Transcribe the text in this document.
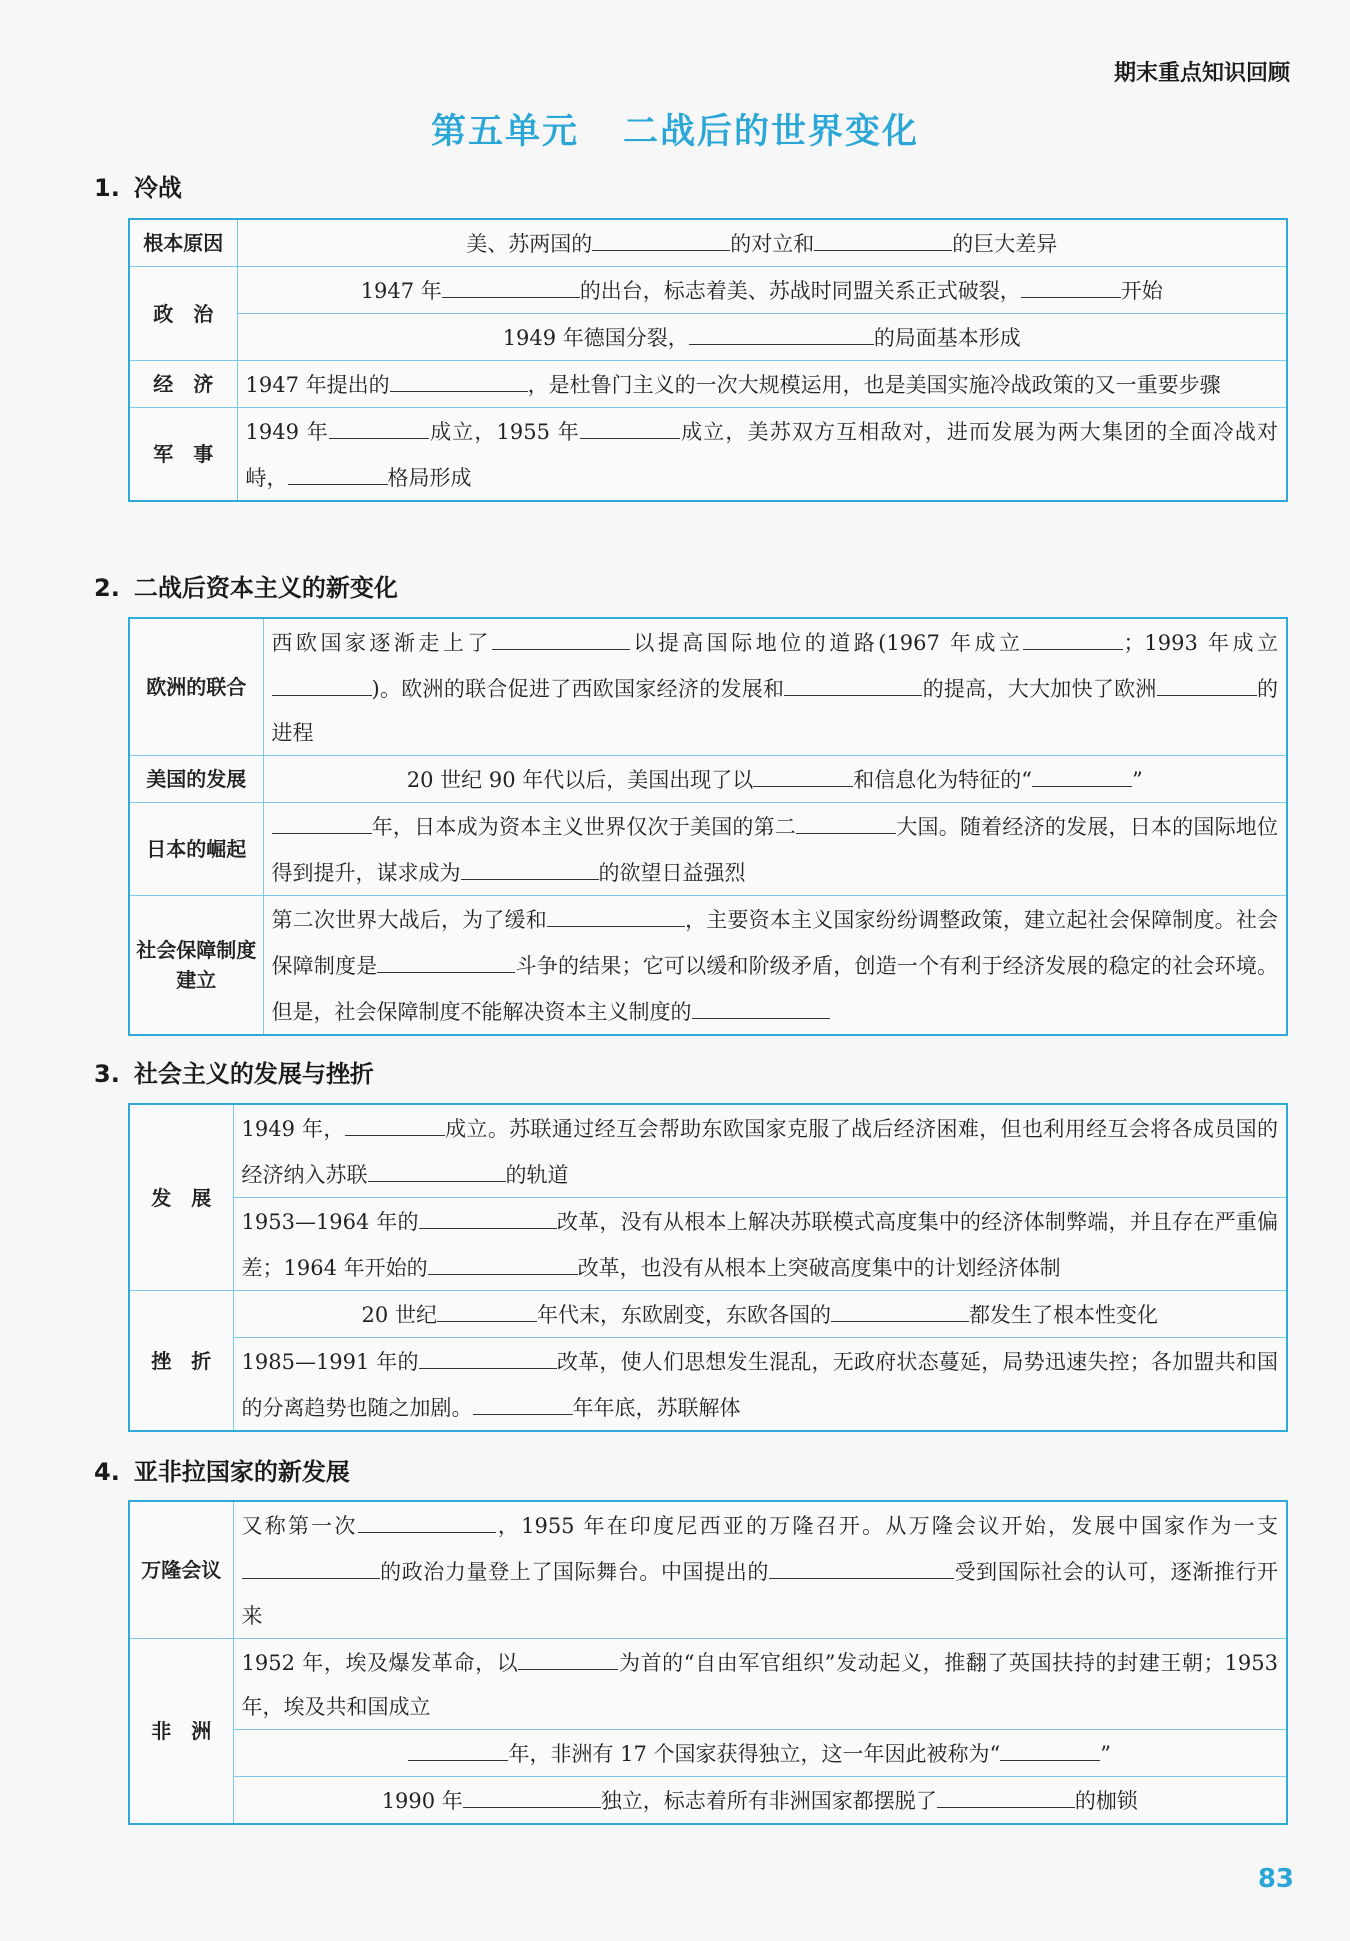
期末重点知识回顾
第五单元 二战后的世界变化
1. 冷战
根本原因	美、苏两国的 的对立和 的巨大差异
政　治	1947 年 的出台，标志着美、苏战时同盟关系正式破裂， 开始
	1949 年德国分裂， 的局面基本形成
经　济	1947 年提出的 ，是杜鲁门主义的一次大规模运用，也是美国实施冷战政策的又一重要步骤
军　事	1949 年 成立，1955 年 成立，美苏双方互相敌对，进而发展为两大集团的全面冷战对峙， 格局形成
2. 二战后资本主义的新变化
欧洲的联合	西欧国家逐渐走上了 以提高国际地位的道路(1967 年成立 ；1993 年成立)。欧洲的联合促进了西欧国家经济的发展和 的提高，大大加快了欧洲 的进程
美国的发展	20 世纪 90 年代以后，美国出现了以 和信息化为特征的“ ”
日本的崛起	年，日本成为资本主义世界仅次于美国的第二 大国。随着经济的发展，日本的国际地位得到提升，谋求成为 的欲望日益强烈
社会保障制度建立	第二次世界大战后，为了缓和 ，主要资本主义国家纷纷调整政策，建立起社会保障制度。社会保障制度是 斗争的结果；它可以缓和阶级矛盾，创造一个有利于经济发展的稳定的社会环境。但是，社会保障制度不能解决资本主义制度的
3. 社会主义的发展与挫折
发　展	1949 年， 成立。苏联通过经互会帮助东欧国家克服了战后经济困难，但也利用经互会将各成员国的经济纳入苏联 的轨道
	1953—1964 年的 改革，没有从根本上解决苏联模式高度集中的经济体制弊端，并且存在严重偏差；1964 年开始的 改革，也没有从根本上突破高度集中的计划经济体制
挫　折	20 世纪 年代末，东欧剧变，东欧各国的 都发生了根本性变化
	1985—1991 年的 改革，使人们思想发生混乱，无政府状态蔓延，局势迅速失控；各加盟共和国的分离趋势也随之加剧。 年年底，苏联解体
4. 亚非拉国家的新发展
万隆会议	又称第一次 ，1955 年在印度尼西亚的万隆召开。从万隆会议开始，发展中国家作为一支的政治力量登上了国际舞台。中国提出的 受到国际社会的认可，逐渐推行开来
非　洲	1952 年，埃及爆发革命，以 为首的“自由军官组织”发动起义，推翻了英国扶持的封建王朝；1953 年，埃及共和国成立
	年，非洲有 17 个国家获得独立，这一年因此被称为“ ”
	1990 年 独立，标志着所有非洲国家都摆脱了 的枷锁
83
